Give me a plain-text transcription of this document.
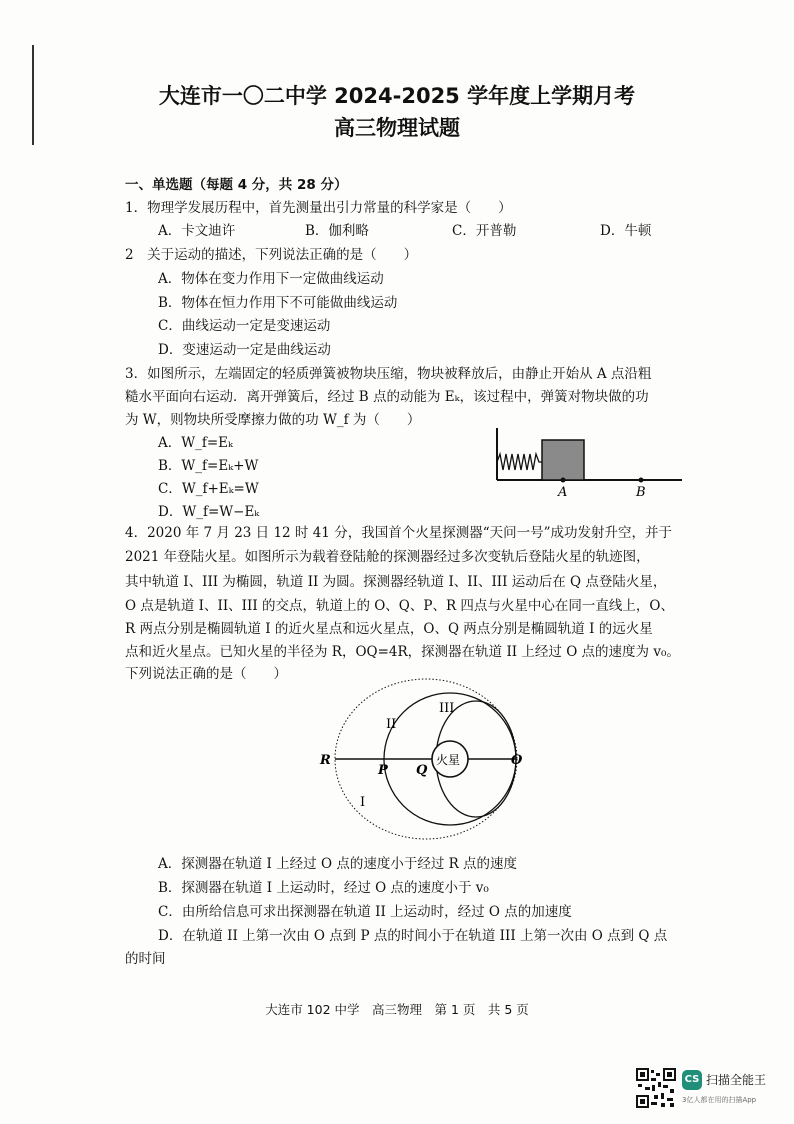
大连市一〇二中学 2024-2025 学年度上学期月考
高三物理试题
一、单选题（每题 4 分，共 28 分）
1．物理学发展历程中，首先测量出引力常量的科学家是（　　）
A．卡文迪许	B．伽利略	C．开普勒	D．牛顿
2　关于运动的描述，下列说法正确的是（　　）
A．物体在变力作用下一定做曲线运动
B．物体在恒力作用下不可能做曲线运动
C．曲线运动一定是变速运动
D．变速运动一定是曲线运动
3．如图所示，左端固定的轻质弹簧被物块压缩，物块被释放后，由静止开始从 A 点沿粗
糙水平面向右运动．离开弹簧后，经过 B 点的动能为 Eₖ，该过程中，弹簧对物块做的功
为 W，则物块所受摩擦力做的功 W_f 为（　　）
A．W_f=Eₖ
B．W_f=Eₖ+W
C．W_f+Eₖ=W
D．W_f=W−Eₖ
A	B
4．2020 年 7 月 23 日 12 时 41 分，我国首个火星探测器“天问一号”成功发射升空，并于
2021 年登陆火星。如图所示为载着登陆舱的探测器经过多次变轨后登陆火星的轨迹图，
其中轨道 I、III 为椭圆，轨道 II 为圆。探测器经轨道 I、II、III 运动后在 Q 点登陆火星，
O 点是轨道 I、II、III 的交点，轨道上的 O、Q、P、R 四点与火星中心在同一直线上，O、
R 两点分别是椭圆轨道 I 的近火星点和远火星点，O、Q 两点分别是椭圆轨道 I 的远火星
点和近火星点。已知火星的半径为 R，OQ=4R，探测器在轨道 II 上经过 O 点的速度为 v₀。
下列说法正确的是（　　）
火星
R
P Q
O
II
III
I
A．探测器在轨道 I 上经过 O 点的速度小于经过 R 点的速度
B．探测器在轨道 I 上运动时，经过 O 点的速度小于 v₀
C．由所给信息可求出探测器在轨道 II 上运动时，经过 O 点的加速度
D．在轨道 II 上第一次由 O 点到 P 点的时间小于在轨道 III 上第一次由 O 点到 Q 点
的时间
大连市 102 中学　高三物理　第 1 页　共 5 页
CS 扫描全能王
3亿人都在用的扫描App
